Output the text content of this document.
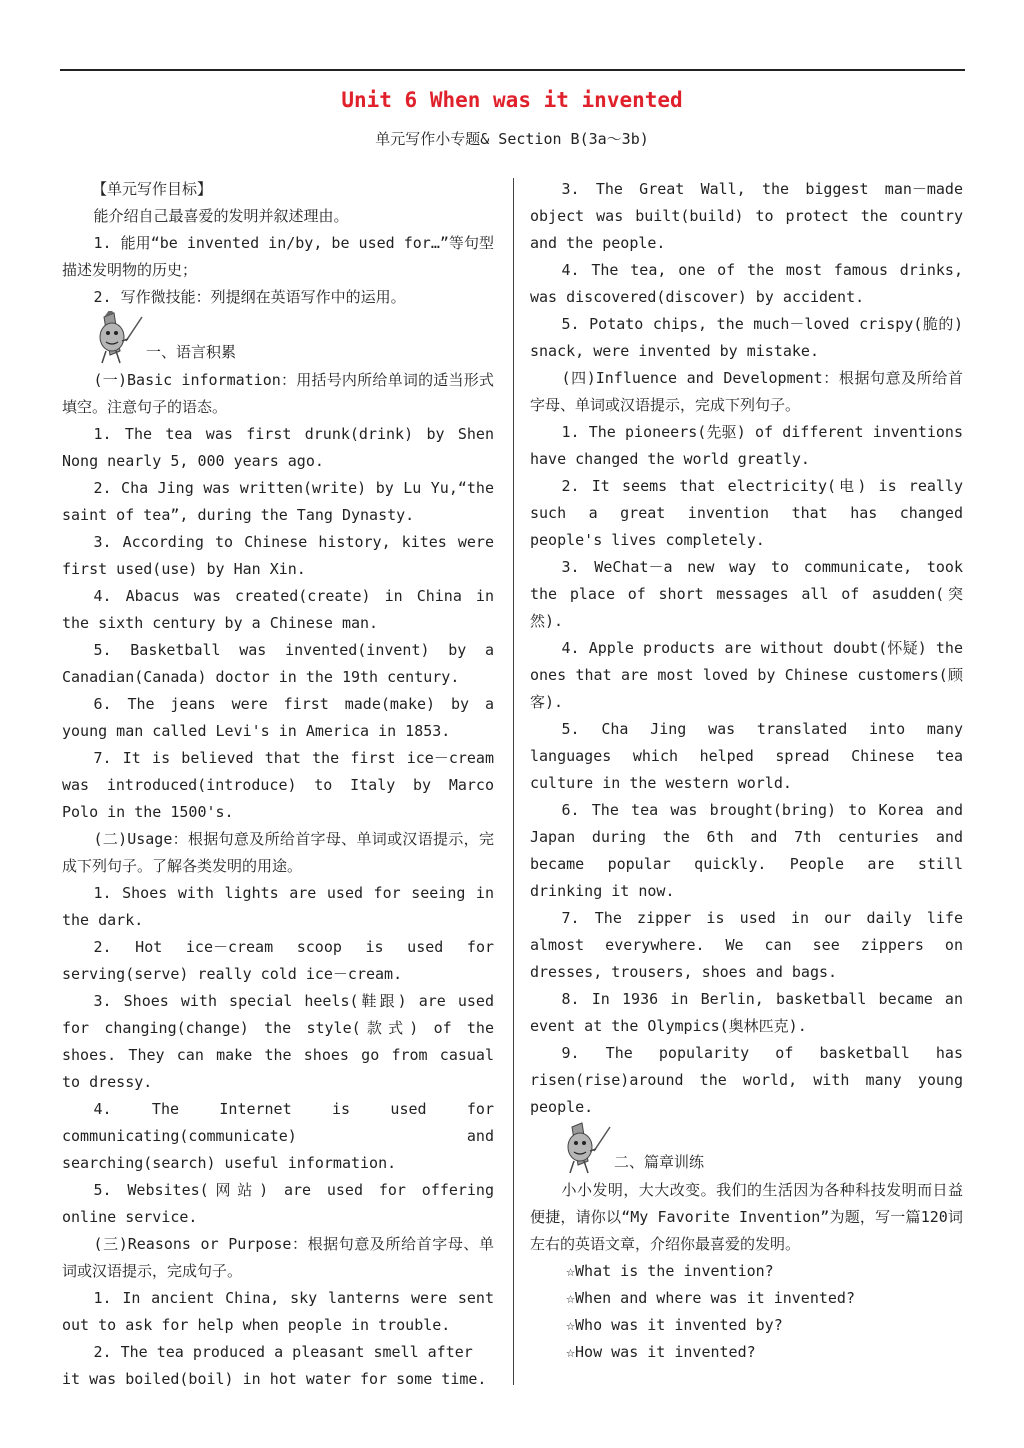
Unit 6 When was it invented
单元写作小专题& Section B(3a～3b)

【单元写作目标】

能介绍自己最喜爱的发明并叙述理由。

1. 能用“be invented in/by, be used for…”等句型描述发明物的历史；

2. 写作微技能：列提纲在英语写作中的运用。

一、语言积累

(一)Basic information：用括号内所给单词的适当形式填空。注意句子的语态。

1. The tea was first drunk(drink) by Shen Nong nearly 5, 000 years ago.

2. Cha Jing was written(write) by Lu Yu,“the saint of tea”, during the Tang Dynasty.

3. According to Chinese history, kites were first used(use) by Han Xin.

4. Abacus was created(create) in China in the sixth century by a Chinese man.

5. Basketball was invented(invent) by a Canadian(Canada) doctor in the 19th century.

6. The jeans were first made(make) by a young man called Levi's in America in 1853.

7. It is believed that the first ice－cream was introduced(introduce) to Italy by Marco Polo in the 1500's.

(二)Usage：根据句意及所给首字母、单词或汉语提示，完成下列句子。了解各类发明的用途。

1. Shoes with lights are used for seeing in the dark.

2. Hot ice－cream scoop is used for serving(serve) really cold ice－cream.

3. Shoes with special heels(鞋跟) are used for changing(change) the style(款式) of the shoes. They can make the shoes go from casual to dressy.

4. The Internet is used for communicating(communicate) and searching(search) useful information.

5. Websites(网站) are used for offering online service.

(三)Reasons or Purpose：根据句意及所给首字母、单词或汉语提示，完成句子。

1. In ancient China, sky lanterns were sent out to ask for help when people in trouble.

2. The tea produced a pleasant smell after it was boiled(boil) in hot water for some time.

3. The Great Wall, the biggest man－made object was built(build) to protect the country and the people.

4. The tea, one of the most famous drinks, was discovered(discover) by accident.

5. Potato chips, the much－loved crispy(脆的) snack, were invented by mistake.

(四)Influence and Development：根据句意及所给首字母、单词或汉语提示，完成下列句子。

1. The pioneers(先驱) of different inventions have changed the world greatly.

2. It seems that electricity(电) is really such a great invention that has changed people's lives completely.

3. WeChat－a new way to communicate, took the place of short messages all of asudden(突然).

4. Apple products are without doubt(怀疑) the ones that are most loved by Chinese customers(顾客).

5. Cha Jing was translated into many languages which helped spread Chinese tea culture in the western world.

6. The tea was brought(bring) to Korea and Japan during the 6th and 7th centuries and became popular quickly. People are still drinking it now.

7. The zipper is used in our daily life almost everywhere. We can see zippers on dresses, trousers, shoes and bags.

8. In 1936 in Berlin, basketball became an event at the Olympics(奥林匹克).

9. The popularity of basketball has risen(rise)around the world, with many young people.

二、篇章训练

小小发明，大大改变。我们的生活因为各种科技发明而日益便捷，请你以“My Favorite Invention”为题，写一篇120词左右的英语文章，介绍你最喜爱的发明。

☆What is the invention?

☆When and where was it invented?

☆Who was it invented by?

☆How was it invented?
